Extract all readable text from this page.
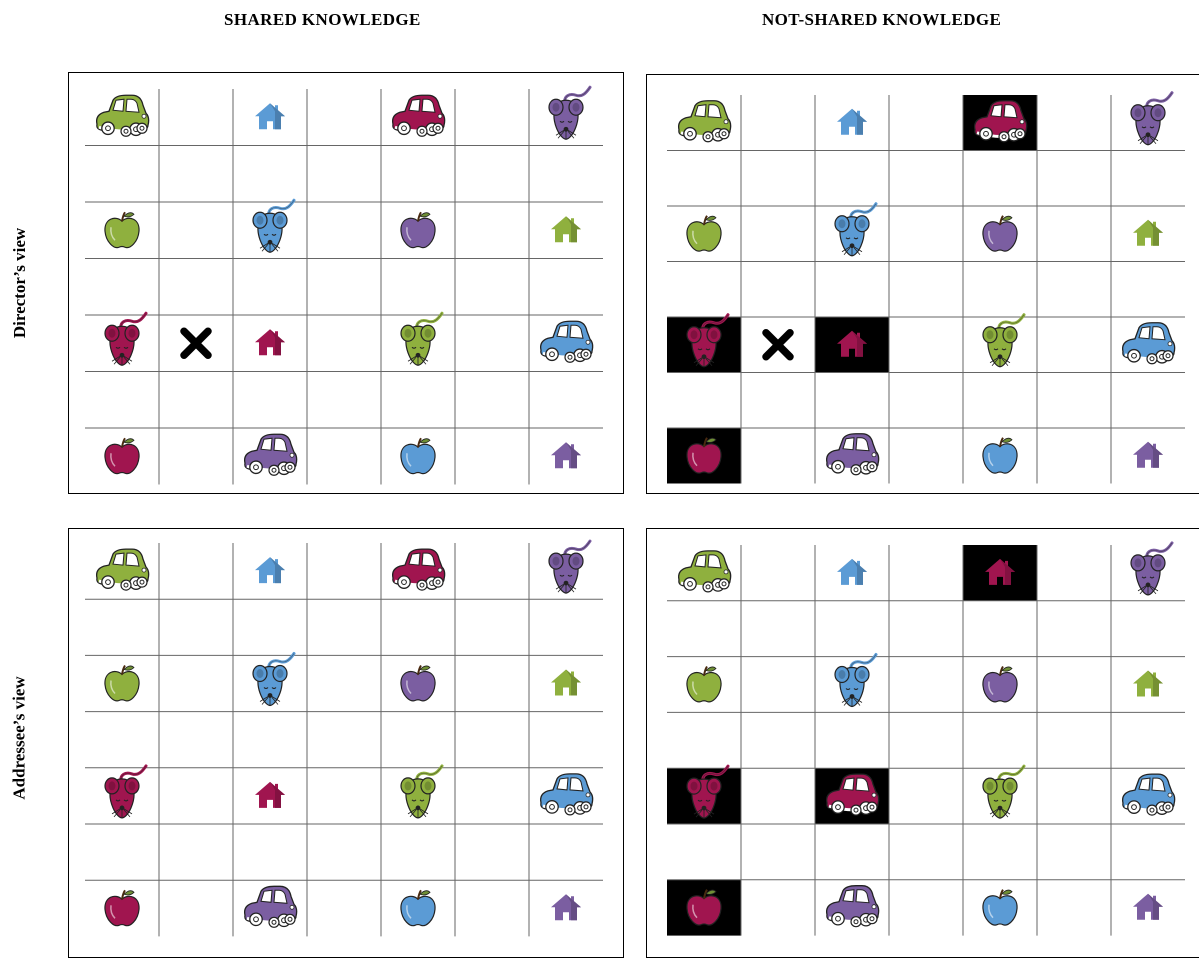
SHARED KNOWLEDGE	NOT-SHARED KNOWLEDGE
Director’s view
Addressee’s view
